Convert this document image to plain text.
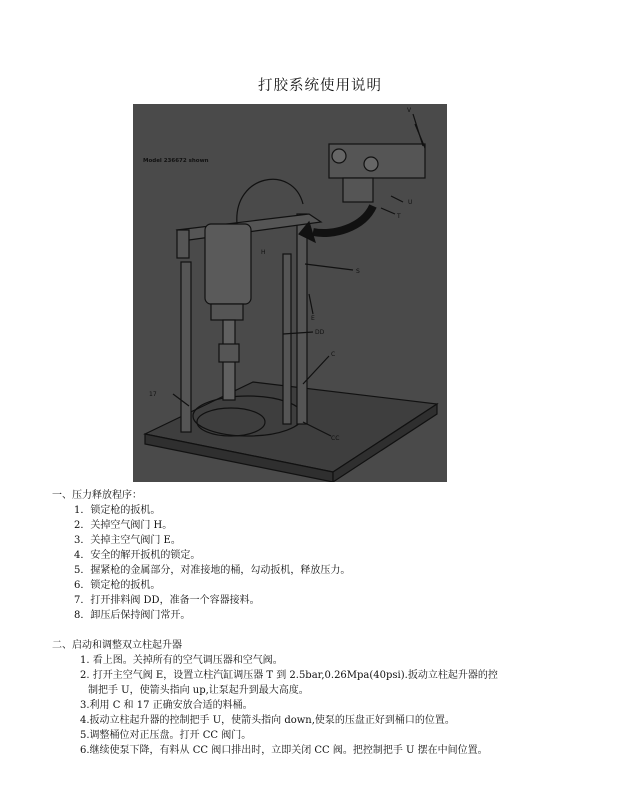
打胶系统使用说明
Model 236672 shown
V
U
T
H
S
E
DD
C
17
CC
一、压力释放程序：
1．锁定枪的扳机。
2．关掉空气阀门 H。
3．关掉主空气阀门 E。
4．安全的解开扳机的锁定。
5．握紧枪的金属部分，对准接地的桶，勾动扳机，释放压力。
6．锁定枪的扳机。
7．打开排料阀 DD，准备一个容器接料。
8．卸压后保持阀门常开。
二、启动和调整双立柱起升器
1. 看上图。关掉所有的空气调压器和空气阀。
2. 打开主空气阀 E，设置立柱汽缸调压器 T 到 2.5bar,0.26Mpa(40psi).扳动立柱起升器的控
制把手 U，使箭头指向 up,让泵起升到最大高度。
3.利用 C 和 17 正确安放合适的料桶。
4.扳动立柱起升器的控制把手 U，使箭头指向 down,使泵的压盘正好到桶口的位置。
5.调整桶位对正压盘。打开 CC 阀门。
6.继续使泵下降，有料从 CC 阀口排出时，立即关闭 CC 阀。把控制把手 U 摆在中间位置。
